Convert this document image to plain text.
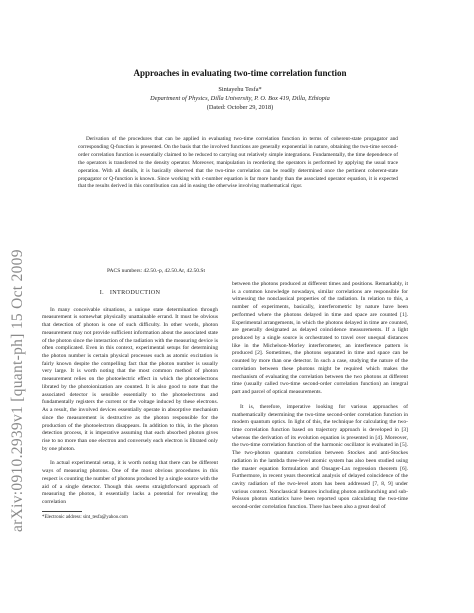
arXiv:0910.2939v1 [quant-ph] 15 Oct 2009
Approaches in evaluating two-time correlation function
Sintayehu Tesfa*
Department of Physics, Dilla University, P. O. Box 419, Dilla, Ethiopia
(Dated: October 29, 2018)

Derivation of the procedures that can be applied in evaluating two-time correlation function in terms of coherent-state propagator and corresponding Q-function is presented. On the basis that the involved functions are generally exponential in nature, obtaining the two-time second-order correlation function is essentially claimed to be reduced to carrying out relatively simple integrations. Fundamentally, the time dependence of the operators is transferred to the density operator. Moreover, manipulation in reordering the operators is performed by applying the usual trace operation. With all details, it is basically observed that the two-time correlation can be readily determined once the pertinent coherent-state propagator or Q-function is known. Since working with c-number equation is far more handy than the associated operator equation, it is expected that the results derived in this contribution can aid in easing the otherwise involving mathematical rigor.

PACS numbers: 42.50.-p, 42.50.Ar, 42.50.St
I. INTRODUCTION

In many conceivable situations, a unique state determination through measurement is somewhat physically unattainable errand. It must be obvious that detection of photon is one of such difficulty. In other words, photon measurement may not provide sufficient information about the associated state of the photon since the interaction of the radiation with the measuring device is often complicated. Even in this context, experimental setups for determining the photon number is certain physical processes such as atomic excitation is fairly known despite the compelling fact that the photon number is usually very large. It is worth noting that the most common method of photon measurement relies on the photoelectric effect in which the photoelectrons librated by the photoionization are counted. It is also good to note that the associated detector is sensible essentially to the photoelectrons and fundamentally registers the current or the voltage induced by these electrons. As a result, the involved devices essentially operate in absorptive mechanism since the measurement is destructive as the photon responsible for the production of the photoelectron disappears. In addition to this, in the photon detection process, it is imperative assuming that each absorbed photon gives rise to no more than one electron and conversely each electron is librated only by one photon.

In actual experimental setup, it is worth noting that there can be different ways of measuring photons. One of the most obvious procedures in this respect is counting the number of photons produced by a single source with the aid of a single detector. Though this seems straightforward approach of measuring the photon, it essentially lacks a potential for revealing the correlation

*Electronic address: sint_tesfa@yahoo.com

between the photons produced at different times and positions. Remarkably, it is a common knowledge nowadays, similar correlations are responsible for witnessing the nonclassical properties of the radiation. In relation to this, a number of experiments, basically, interferometric by nature have been performed where the photons delayed in time and space are counted [1]. Experimental arrangements, in which the photons delayed in time are counted, are generally designated as delayed coincidence measurements. If a light produced by a single source is orchestrated to travel over unequal distances like in the Michelson-Morley interferometer, an interference pattern is produced [2]. Sometimes, the photons separated in time and space can be counted by more than one detector. In such a case, studying the nature of the correlation between these photons might be required which makes the mechanism of evaluating the correlation between the two photons at different time (usually called two-time second-order correlation function) an integral part and parcel of optical measurements.

It is, therefore, imperative looking for various approaches of mathematically determining the two-time second-order correlation function in modern quantum optics. In light of this, the technique for calculating the two-time correlation function based on trajectory approach is developed in [3] whereas the derivation of its evolution equation is presented in [4]. Moreover, the two-time correlation function of the harmonic oscillator is evaluated in [5]. The two-photon quantum correlation between Stockes and anti-Stockes radiation in the lambda three-level atomic system has also been studied using the master equation formulation and Onsager-Lax regression theorem [6]. Furthermore, in recent years theoretical analysis of delayed coincidence of the cavity radiation of the two-level atom has been addressed [7, 8, 9] under various context. Nonclassical features including photon antibunching and sub-Poisson photon statistics have been reported upon calculating the two-time second-order correlation function. There has been also a great deal of
